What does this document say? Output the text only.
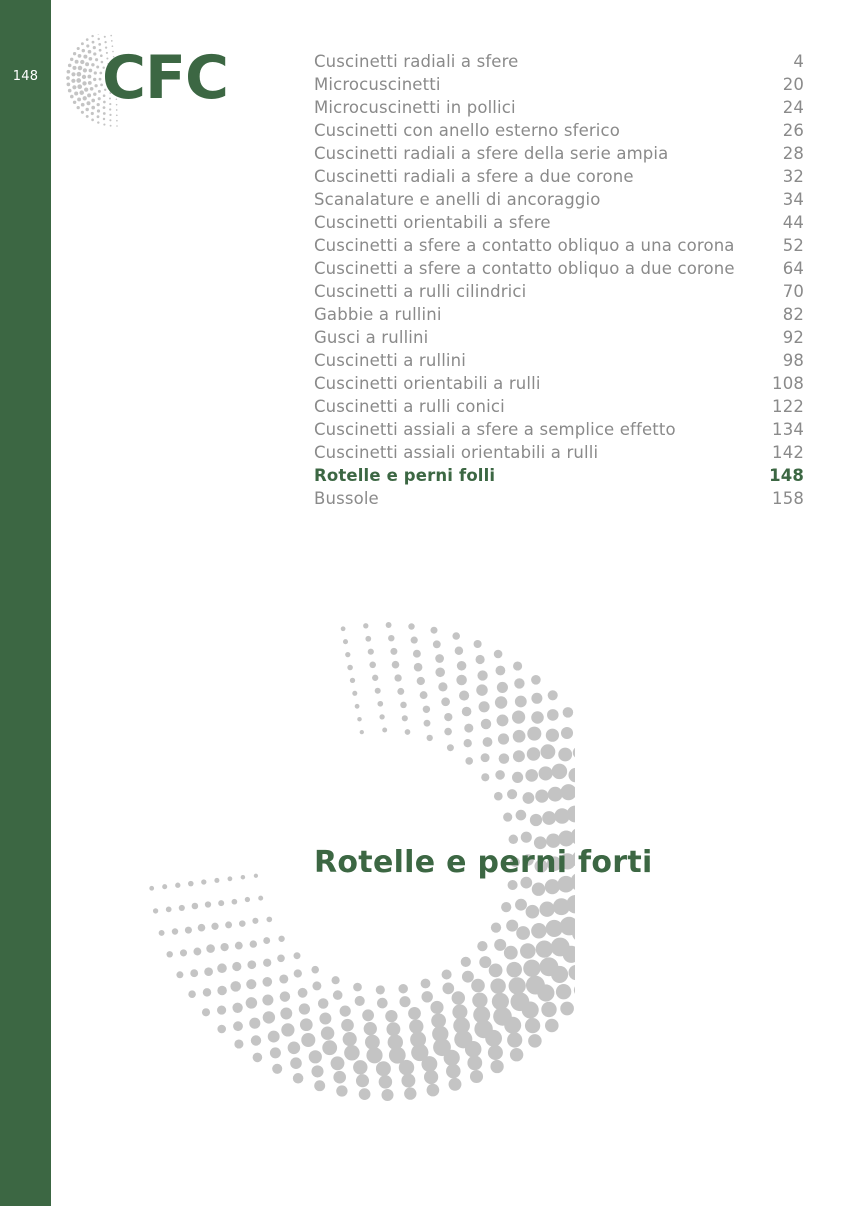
148 CFC	Cuscinetti radiali a sfere	4
Microcuscinetti	20
Microcuscinetti in pollici	24
Cuscinetti con anello esterno sferico	26
Cuscinetti radiali a sfere della serie ampia	28
Cuscinetti radiali a sfere a due corone	32
Scanalature e anelli di ancoraggio	34
Cuscinetti orientabili a sfere	44
Cuscinetti a sfere a contatto obliquo a una corona	52
Cuscinetti a sfere a contatto obliquo a due corone	64
Cuscinetti a rulli cilindrici	70
Gabbie a rullini	82
Gusci a rullini	92
Cuscinetti a rullini	98
Cuscinetti orientabili a rulli	108
Cuscinetti a rulli conici	122
Cuscinetti assiali a sfere a semplice effetto	134
Cuscinetti assiali orientabili a rulli	142
Rotelle e perni folli	148
Bussole	158
Rotelle e perni forti
